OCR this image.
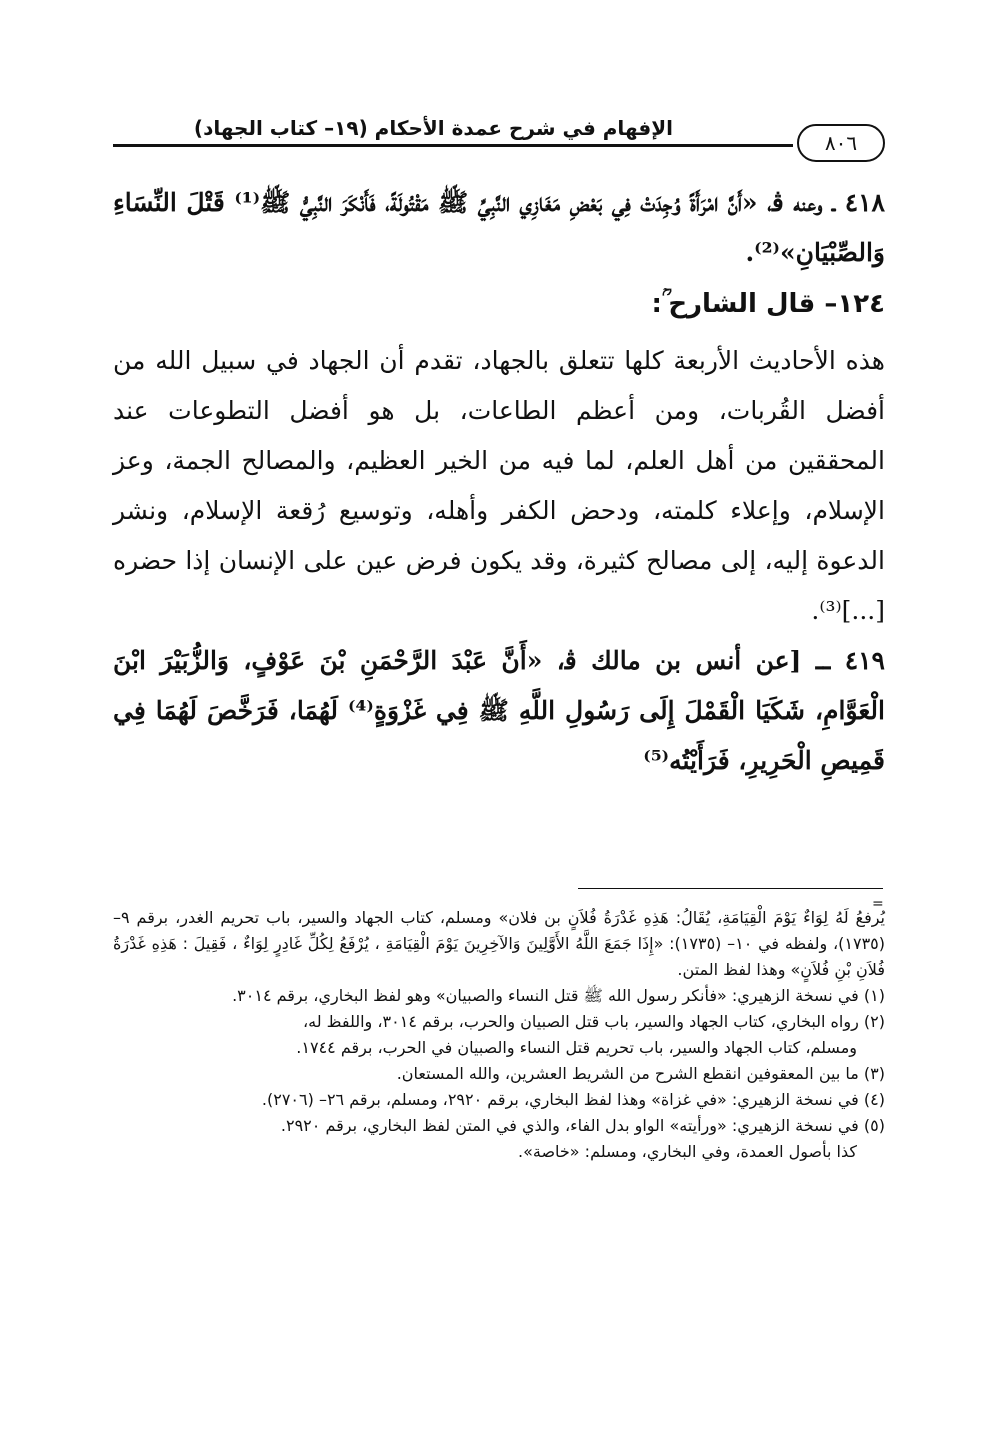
الإفهام في شرح عمدة الأحكام (١٩– كتاب الجهاد)
٨٠٦

٤١٨ ـ وعنه ﭬ، «أَنَّ امْرَأَةً وُجِدَتْ فِي بَعْضِ مَغَازِي النَّبِيِّ ﷺ مَقْتُولَةً، فَأَنْكَرَ النَّبِيُّ ﷺ⁽¹⁾ قَتْلَ النِّسَاءِ وَالصِّبْيَانِ»⁽²⁾.

١٢٤– قال الشارح ؒ:

هذه الأحاديث الأربعة كلها تتعلق بالجهاد، تقدم أن الجهاد في سبيل الله من أفضل القُربات، ومن أعظم الطاعات، بل هو أفضل التطوعات عند المحققين من أهل العلم، لما فيه من الخير العظيم، والمصالح الجمة، وعز الإسلام، وإعلاء كلمته، ودحض الكفر وأهله، وتوسيع رُقعة الإسلام، ونشر الدعوة إليه، إلى مصالح كثيرة، وقد يكون فرض عين على الإنسان إذا حضره [...]⁽³⁾.

٤١٩ ــ [عن أنس بن مالك ﭬ، «أَنَّ عَبْدَ الرَّحْمَنِ بْنَ عَوْفٍ، وَالزُّبَيْرَ ابْنَ الْعَوَّامِ، شَكَيَا الْقَمْلَ إِلَى رَسُولِ اللَّهِ ﷺ فِي غَزْوَةٍ⁽⁴⁾ لَهُمَا، فَرَخَّصَ لَهُمَا فِي قَمِيصِ الْحَرِيرِ، فَرَأَيْتُه⁽⁵⁾

=

يُرفعُ لَهُ لِوَاءٌ يَوْمَ الْقِيَامَةِ، يُقَالُ: هَذِهِ غَدْرَةُ فُلاَنٍ بن فلان» ومسلم، كتاب الجهاد والسير، باب تحريم الغدر، برقم ٩– (١٧٣٥)، ولفظه في ١٠– (١٧٣٥): «إِذَا جَمَعَ اللَّهُ الأَوَّلِينَ وَالآخِرِينَ يَوْمَ الْقِيَامَةِ ، يُرْفَعُ لِكُلِّ غَادِرٍ لِوَاءٌ ، فَقِيلَ : هَذِهِ غَدْرَةُ فُلاَنِ بْنِ فُلاَنٍ» وهذا لفظ المتن.

(١) في نسخة الزهيري: «فأنكر رسول الله ﷺ قتل النساء والصبيان» وهو لفظ البخاري، برقم ٣٠١٤.

(٢) رواه البخاري، كتاب الجهاد والسير، باب قتل الصبيان والحرب، برقم ٣٠١٤، واللفظ له،

ومسلم، كتاب الجهاد والسير، باب تحريم قتل النساء والصبيان في الحرب، برقم ١٧٤٤.

(٣) ما بين المعقوفين انقطع الشرح من الشريط العشرين، والله المستعان.

(٤) في نسخة الزهيري: «في غزاة» وهذا لفظ البخاري، برقم ٢٩٢٠، ومسلم، برقم ٢٦– (٢٧٠٦).

(٥) في نسخة الزهيري: «ورأيته» الواو بدل الفاء، والذي في المتن لفظ البخاري، برقم ٢٩٢٠.

كذا بأصول العمدة، وفي البخاري، ومسلم: «خاصة».
